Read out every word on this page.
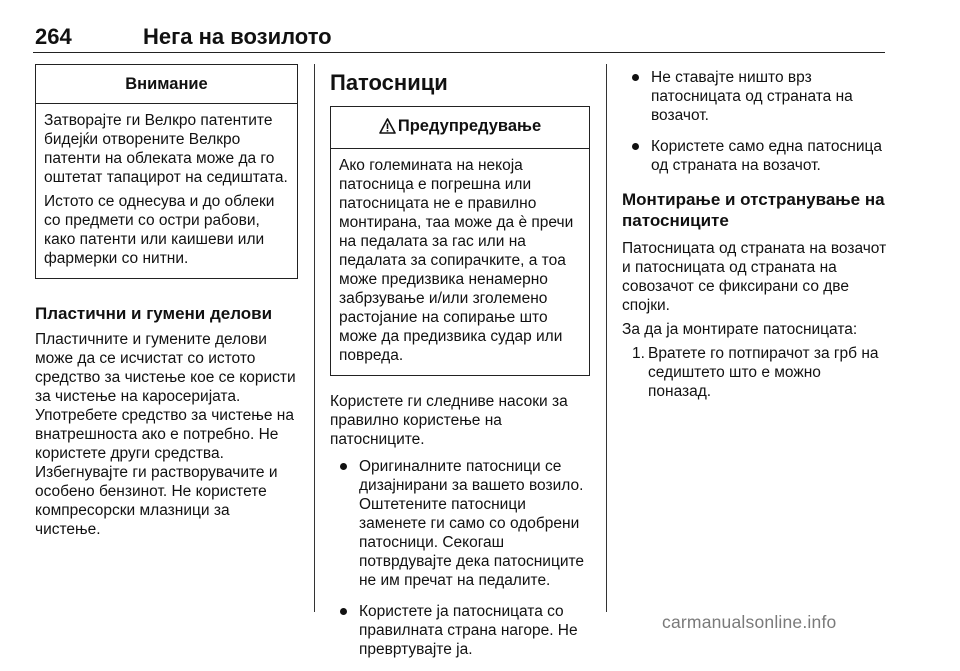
264	Нега на возилото
Внимание

Затворајте ги Велкро патентите бидејќи отворените Велкро патенти на облеката може да го оштетат тапацирот на седиштата.

Истото се однесува и до облеки со предмети со остри рабови, како патенти или каишеви или фармерки со нитни.

Пластични и гумени делови

Пластичните и гумените делови може да се исчистат со истото средство за чистење кое се користи за чистење на каросеријата. Употребете средство за чистење на внатрешноста ако е потребно. Не користете други средства. Избегнувајте ги растворувачите и особено бензинот. Не користете компресорски млазници за чистење.

Патосници
Предупредување

Ако големината на некоја патосница е погрешна или патосницата не е правилно монтирана, таа може да ѐ пречи на педалата за гас или на педалата за сопирачките, а тоа може предизвика ненамерно забрзување и/или зголемено растојание на сопирање што може да предизвика судар или повреда.

Користете ги следниве насоки за правилно користење на патосниците.

Оригиналните патосници се дизајнирани за вашето возило. Оштетените патосници заменете ги само со одобрени патосници. Секогаш потврдувајте дека патосниците не им пречат на педалите.
Користете ја патосницата со правилната страна нагоре. Не превртувајте ја.
Не ставајте ништо врз патосницата од страната на возачот.
Користете само една патосница од страната на возачот.
Монтирање и отстранување на патосниците

Патосницата од страната на возачот и патосницата од страната на совозачот се фиксирани со две спојки.

За да ја монтирате патосницата:

1. Вратете го потпирачот за грб на седиштето што е можно поназад.
carmanualsonline.info
